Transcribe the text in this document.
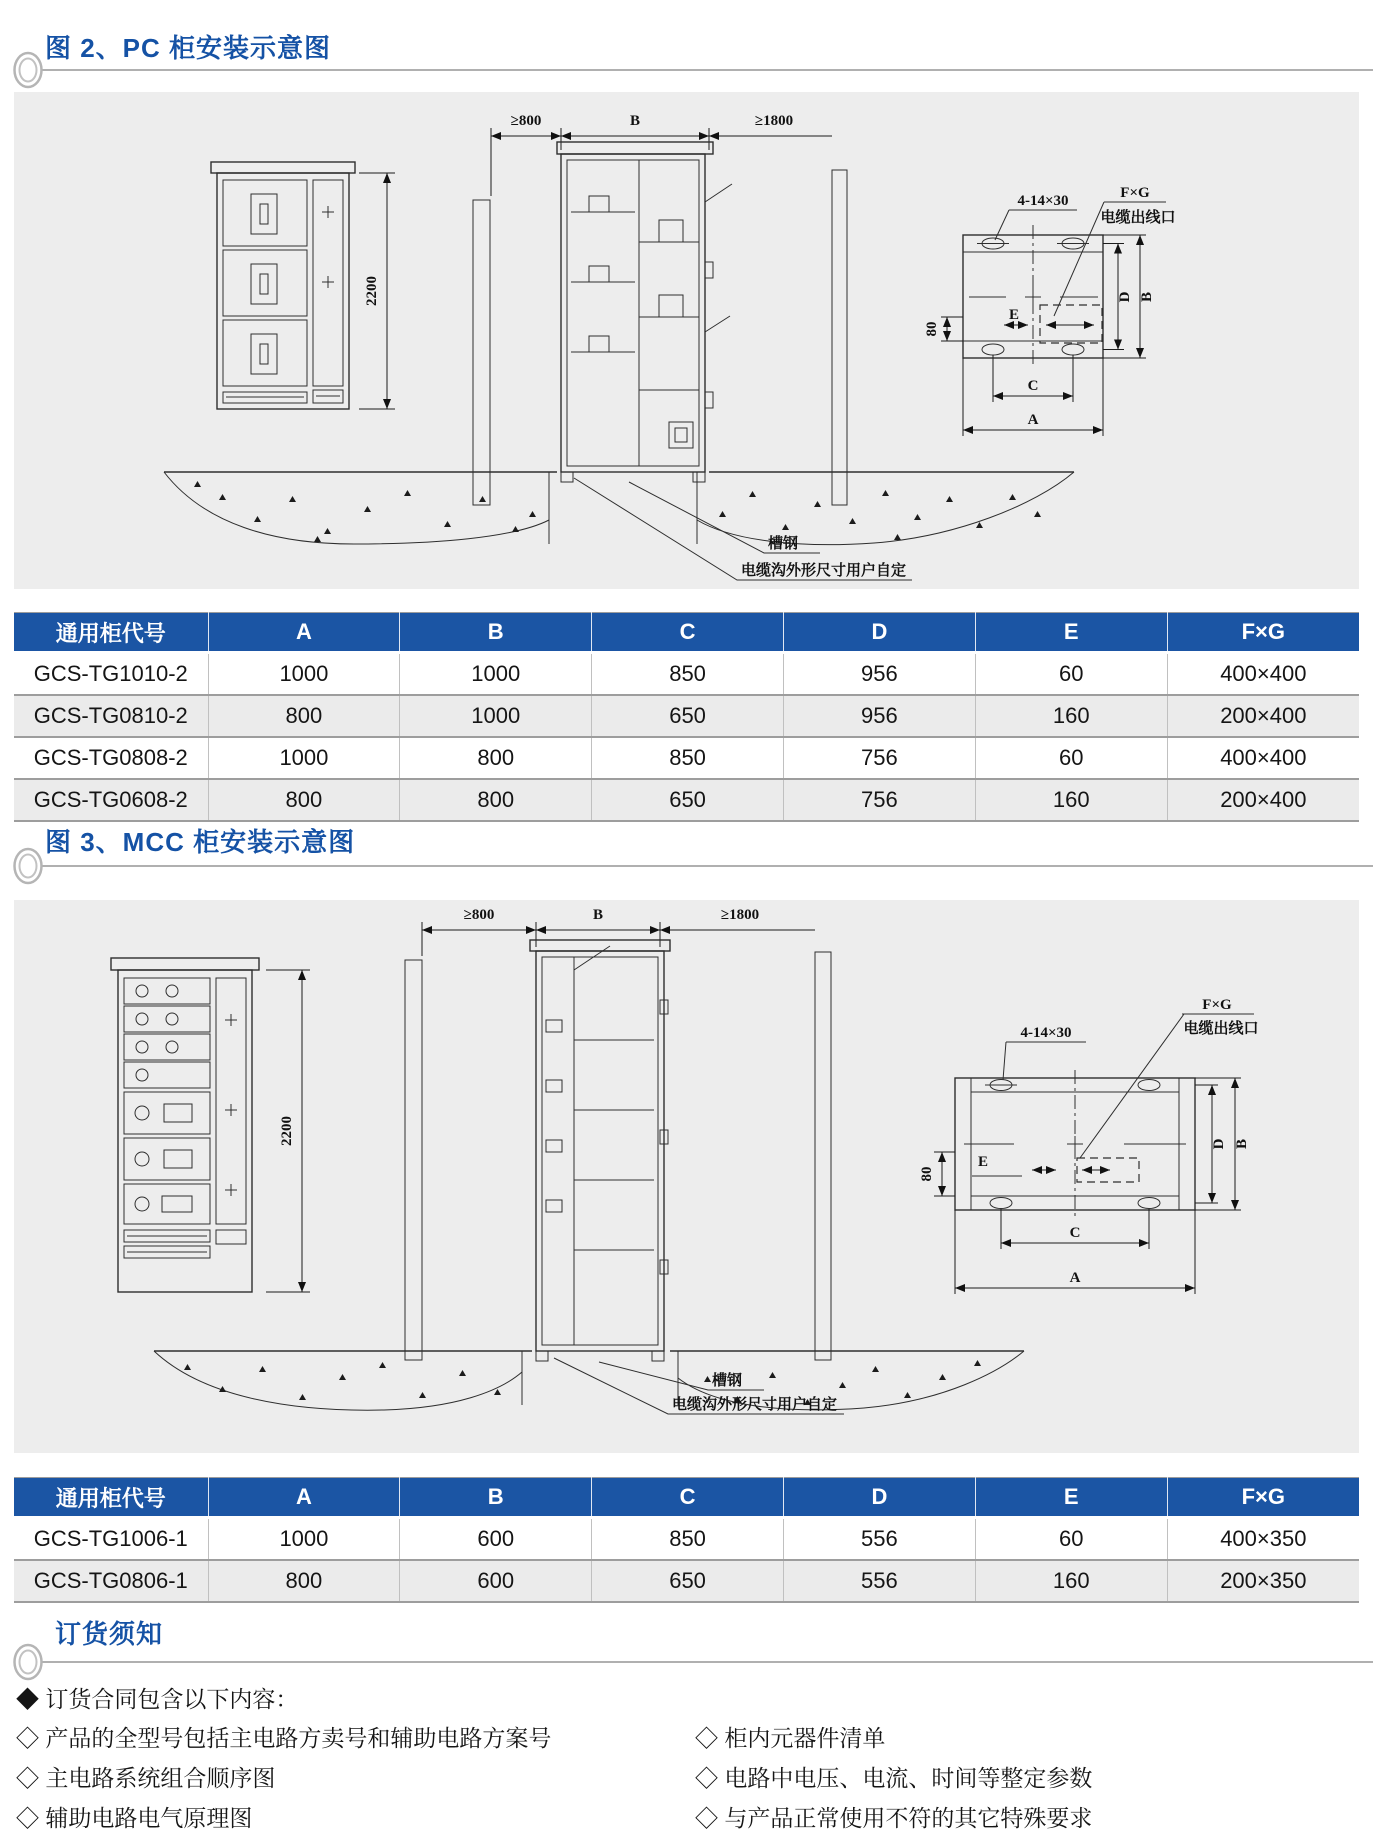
图 2、PC 柜安装示意图
2200
≥800	B	≥1800
槽钢
电缆沟外形尺寸用户自定
E
80
D B
C
A
4-14×30	F×G
电缆出线口
通用柜代号	A	B	C	D	E	F×G
GCS-TG1010-2	1000	1000	850	956	60	400×400
GCS-TG0810-2	800	1000	650	956	160	200×400
GCS-TG0808-2	1000	800	850	756	60	400×400
GCS-TG0608-2	800	800	650	756	160	200×400
图 3、MCC 柜安装示意图
2200
≥800	B	≥1800
槽钢
电缆沟外形尺寸用户自定
E
80
D B
C
A
4-14×30
F×G
电缆出线口
通用柜代号	A	B	C	D	E	F×G
GCS-TG1006-1	1000	600	850	556	60	400×350
GCS-TG0806-1	800	600	650	556	160	200×350
订货须知

◆ 订货合同包含以下内容：

◇ 产品的全型号包括主电路方卖号和辅助电路方案号

◇ 主电路系统组合顺序图

◇ 辅助电路电气原理图

◇ 柜内元器件清单

◇ 电路中电压、电流、时间等整定参数

◇ 与产品正常使用不符的其它特殊要求
